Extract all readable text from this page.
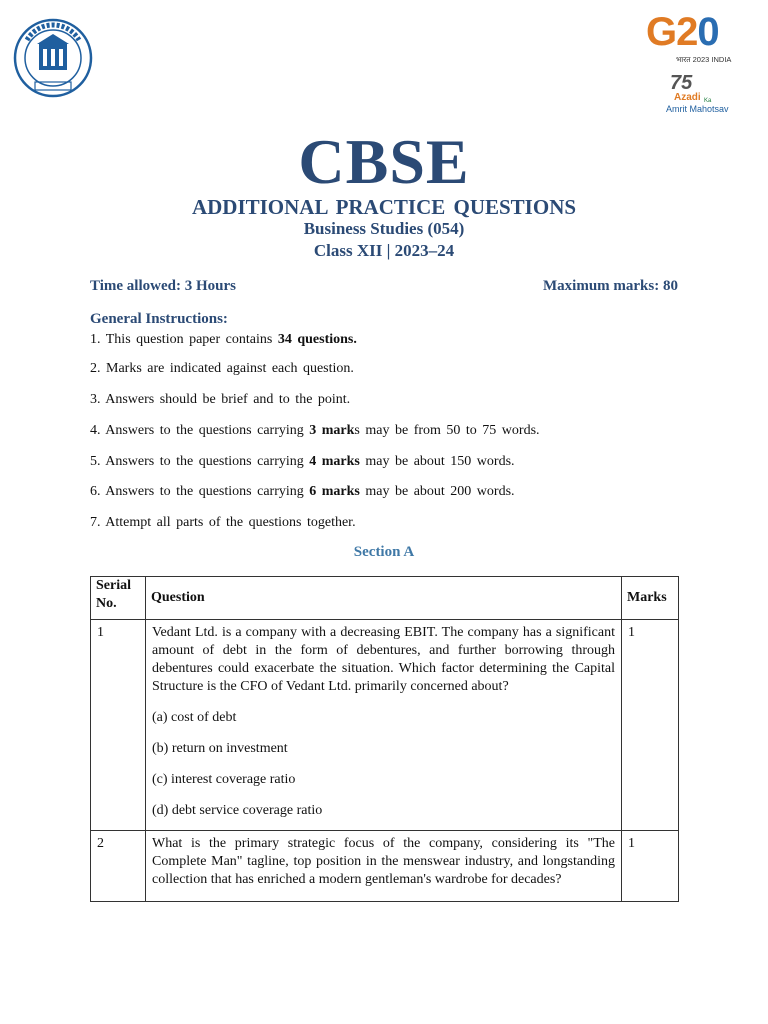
G20
भारत 2023 INDIA
75
Azadi Ka
Amrit Mahotsav
CBSE
ADDITIONAL PRACTICE QUESTIONS
Business Studies (054)
Class XII | 2023–24
Time allowed: 3 Hours	Maximum marks: 80
General Instructions:
1. This question paper contains 34 questions.
2. Marks are indicated against each question.
3. Answers should be brief and to the point.
4. Answers to the questions carrying 3 marks may be from 50 to 75 words.
5. Answers to the questions carrying 4 marks may be about 150 words.
6. Answers to the questions carrying 6 marks may be about 200 words.
7. Attempt all parts of the questions together.
Section A
Serial No.	Question	Marks
1	Vedant Ltd. is a company with a decreasing EBIT. The company has a significant amount of debt in the form of debentures, and further borrowing through debentures could exacerbate the situation. Which factor determining the Capital Structure is the CFO of Vedant Ltd. primarily concerned about?

(a) cost of debt

(b) return on investment

(c) interest coverage ratio

(d) debt service coverage ratio	1
2	What is the primary strategic focus of the company, considering its "The Complete Man" tagline, top position in the menswear industry, and longstanding collection that has enriched a modern gentleman's wardrobe for decades?	1
